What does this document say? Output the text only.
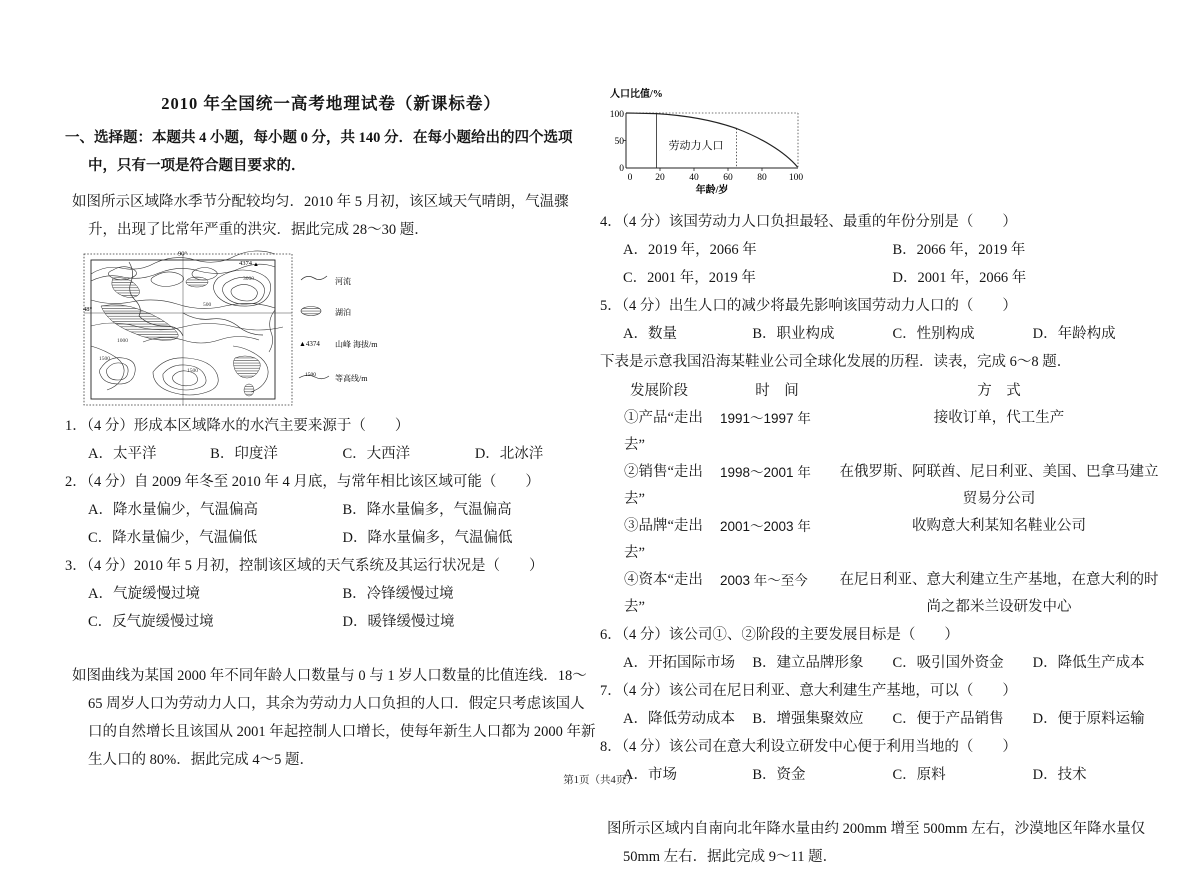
2010 年全国统一高考地理试卷（新课标卷）

一、选择题：本题共 4 小题，每小题 0 分，共 140 分．在每小题给出的四个选项中，只有一项是符合题目要求的．

如图所示区域降水季节分配较均匀．2010 年 5 月初，该区域天气晴朗，气温骤升，出现了比常年严重的洪灾．据此完成 28～30 题．

90°
48°
4374 ▲
1500
1000
500
3000
1500
河流
湖泊
▲4374 山峰 海拔/m
1500 等高线/m
1．（4 分）形成本区域降水的水汽主要来源于（　　）
A．太平洋	B．印度洋	C．大西洋	D．北冰洋
2．（4 分）自 2009 年冬至 2010 年 4 月底，与常年相比该区域可能（　　）
A．降水量偏少，气温偏高	B．降水量偏多，气温偏高
C．降水量偏少，气温偏低	D．降水量偏多，气温偏低
3．（4 分）2010 年 5 月初，控制该区域的天气系统及其运行状况是（　　）
A．气旋缓慢过境	B．冷锋缓慢过境
C．反气旋缓慢过境	D．暖锋缓慢过境

如图曲线为某国 2000 年不同年龄人口数量与 0 与 1 岁人口数量的比值连线．18～65 周岁人口为劳动力人口，其余为劳动力人口负担的人口．假定只考虑该国人口的自然增长且该国从 2001 年起控制人口增长，使每年新生人口都为 2000 年新生人口的 80%．据此完成 4～5 题．

人口比值/%
100
50
0
0 20	40	60	80 100
劳动力人口
年龄/岁
4．（4 分）该国劳动力人口负担最轻、最重的年份分别是（　　）
A．2019 年，2066 年	B．2066 年，2019 年
C．2001 年，2019 年	D．2001 年，2066 年
5．（4 分）出生人口的减少将最先影响该国劳动力人口的（　　）
A．数量	B．职业构成	C．性别构成	D．年龄构成

下表是示意我国沿海某鞋业公司全球化发展的历程．读表，完成 6～8 题．

发展阶段	时　间	方　式
①产品“走出去”
1991～1997 年	接收订单，代工生产
②销售“走出去”
1998～2001 年	在俄罗斯、阿联酋、尼日利亚、美国、巴拿马建立贸易分公司
③品牌“走出去”
2001～2003 年	收购意大利某知名鞋业公司
④资本“走出去”
2003 年～至今	在尼日利亚、意大利建立生产基地，在意大利的时尚之都米兰设研发中心
6．（4 分）该公司①、②阶段的主要发展目标是（　　）
A．开拓国际市场	B．建立品牌形象	C．吸引国外资金	D．降低生产成本
7．（4 分）该公司在尼日利亚、意大利建生产基地，可以（　　）
A．降低劳动成本	B．增强集聚效应	C．便于产品销售	D．便于原料运输
8．（4 分）该公司在意大利设立研发中心便于利用当地的（　　）
A．市场	B．资金	C．原料	D．技术

图所示区域内自南向北年降水量由约 200mm 增至 500mm 左右，沙漠地区年降水量仅 50mm 左右．据此完成 9～11 题．

第1页（共4页）
